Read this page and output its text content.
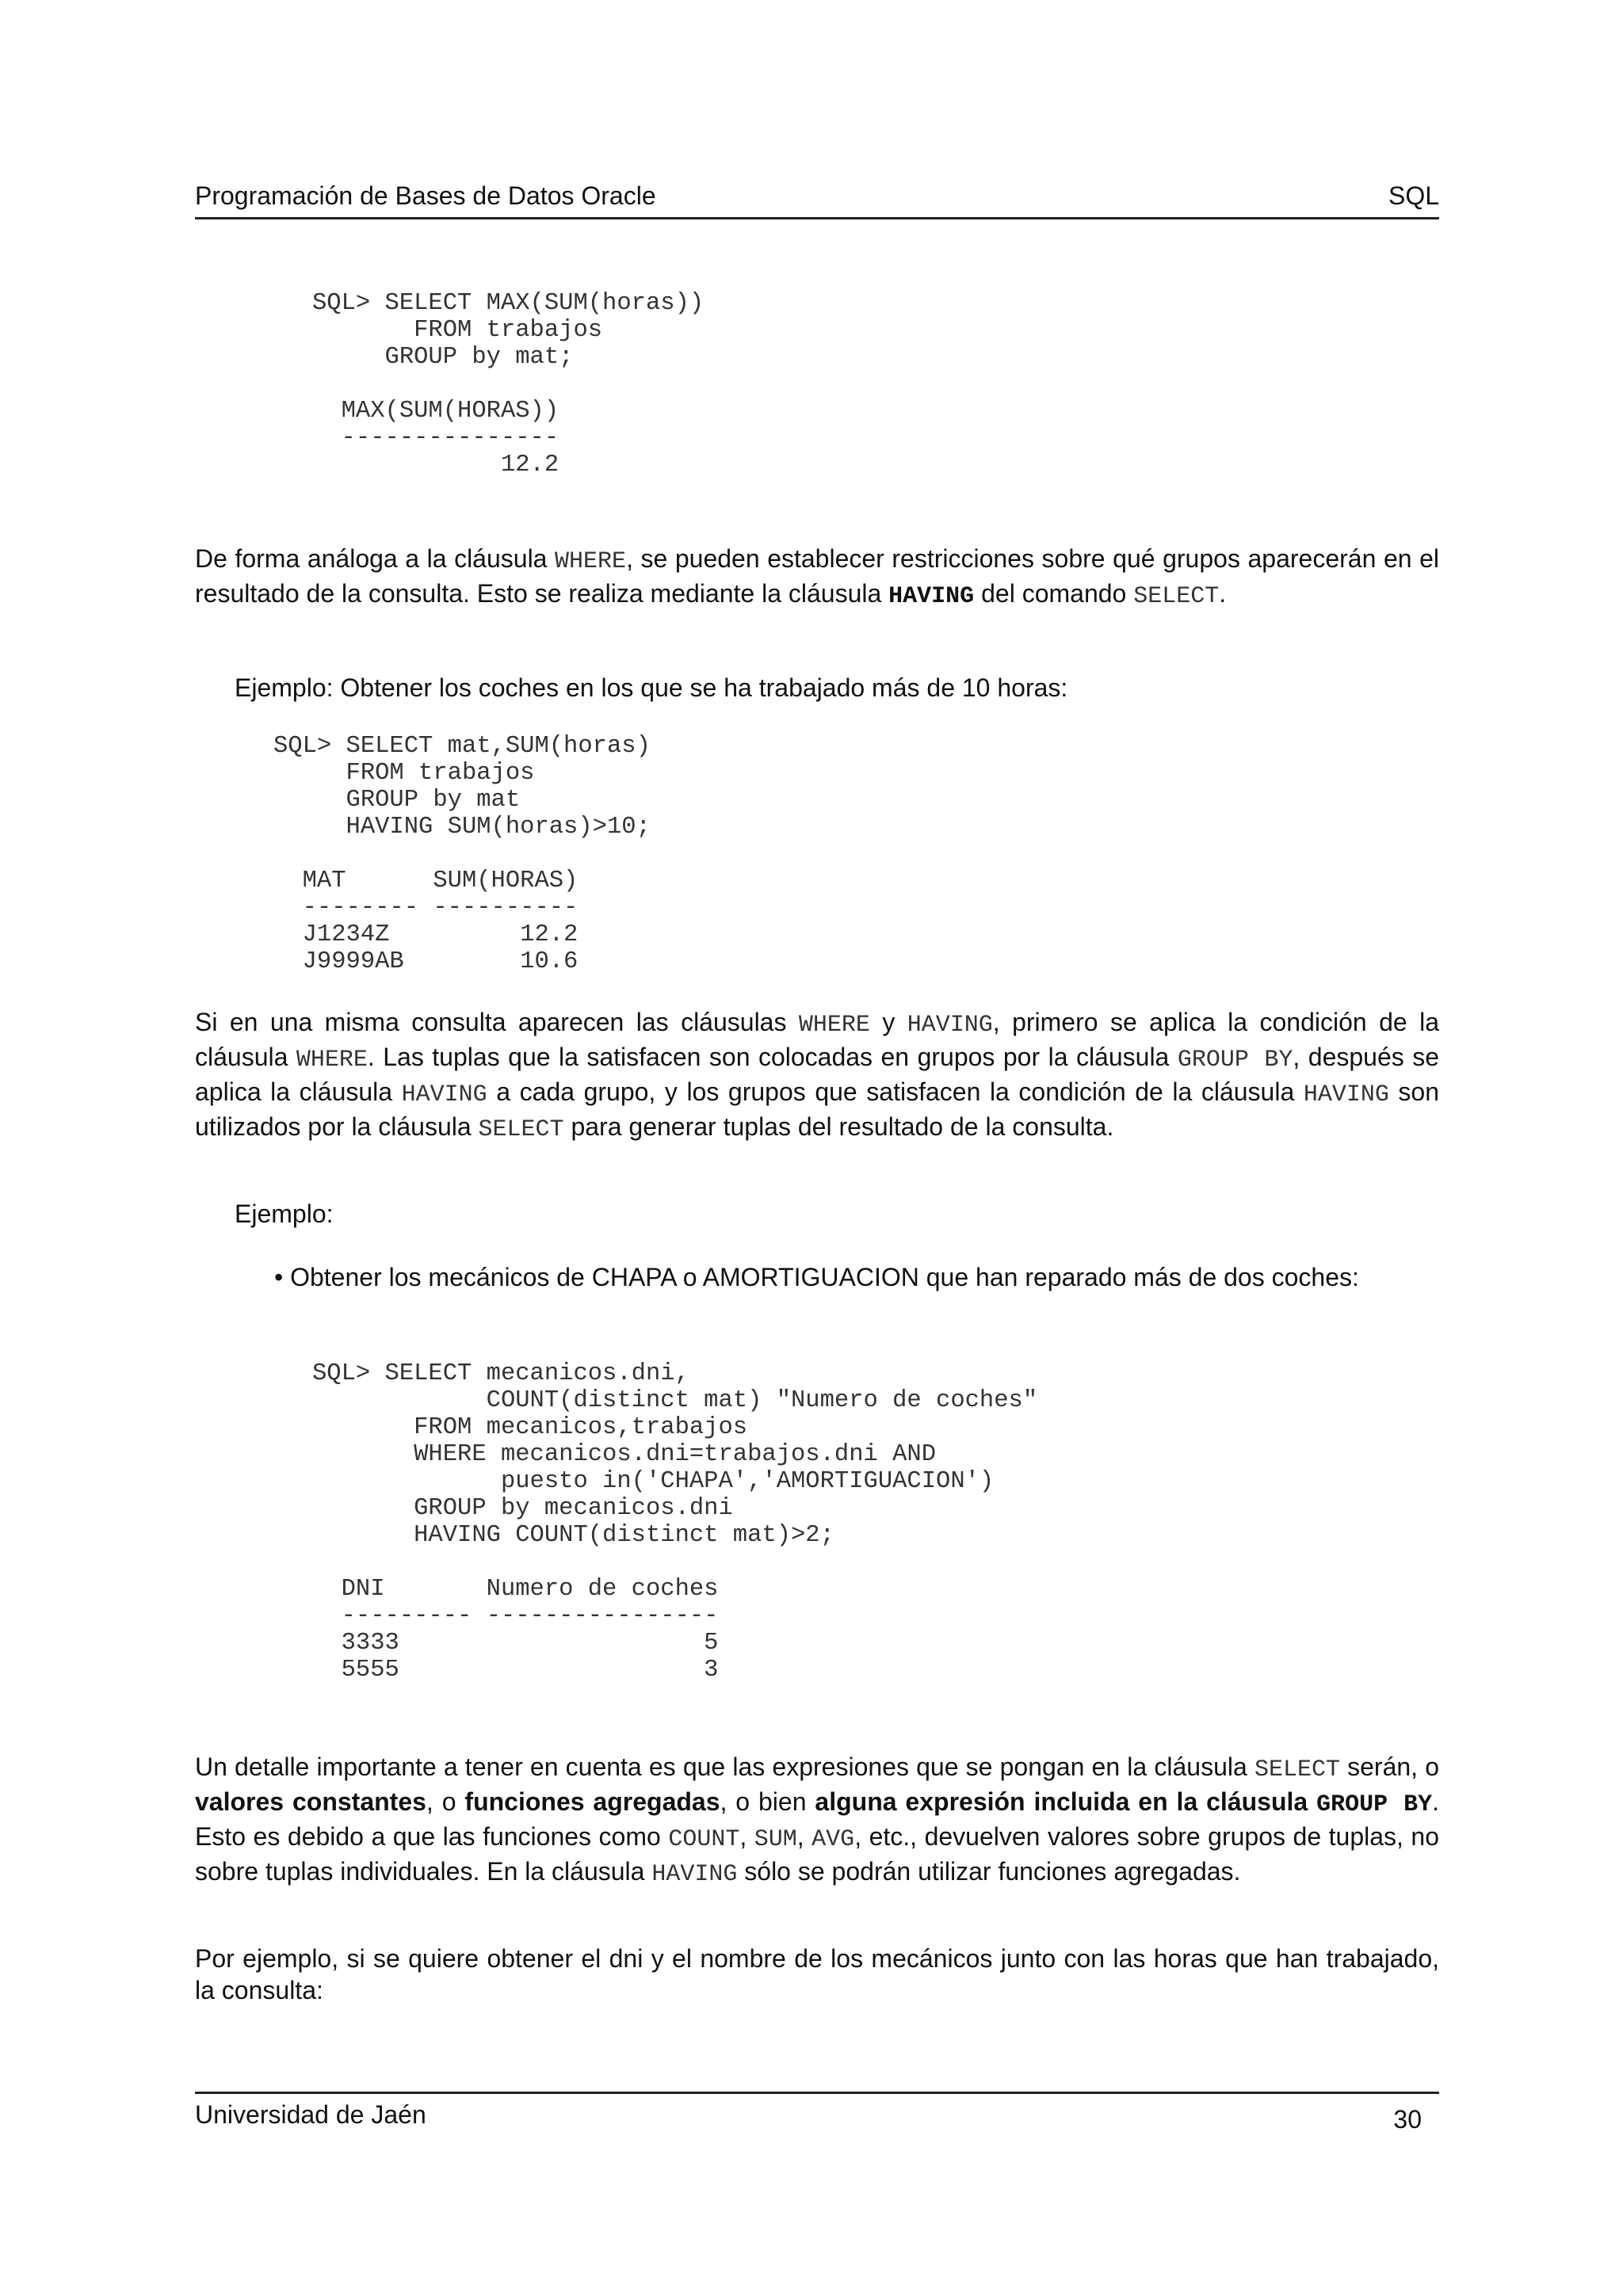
Programación de Bases de Datos Oracle	SQL
SQL> SELECT MAX(SUM(horas))
FROM trabajos
GROUP by mat;

MAX(SUM(HORAS))
---------------
12.2
De forma análoga a la cláusula WHERE, se pueden establecer restricciones sobre qué grupos aparecerán en el resultado de la consulta. Esto se realiza mediante la cláusula HAVING del comando SELECT.
Ejemplo: Obtener los coches en los que se ha trabajado más de 10 horas:
SQL> SELECT mat,SUM(horas)
FROM trabajos
GROUP by mat
HAVING SUM(horas)>10;

MAT      SUM(HORAS)
-------- ----------
J1234Z         12.2
J9999AB        10.6
Si en una misma consulta aparecen las cláusulas WHERE y HAVING, primero se aplica la condición de la cláusula WHERE. Las tuplas que la satisfacen son colocadas en grupos por la cláusula GROUP BY, después se aplica la cláusula HAVING a cada grupo, y los grupos que satisfacen la condición de la cláusula HAVING son utilizados por la cláusula SELECT para generar tuplas del resultado de la consulta.
Ejemplo:
• Obtener los mecánicos de CHAPA o AMORTIGUACION que han reparado más de dos coches:
SQL> SELECT mecanicos.dni,
COUNT(distinct mat) "Numero de coches"
FROM mecanicos,trabajos
WHERE mecanicos.dni=trabajos.dni AND
puesto in('CHAPA','AMORTIGUACION')
GROUP by mecanicos.dni
HAVING COUNT(distinct mat)>2;

DNI       Numero de coches
--------- ----------------
3333                     5
5555                     3
Un detalle importante a tener en cuenta es que las expresiones que se pongan en la cláusula SELECT serán, o valores constantes, o funciones agregadas, o bien alguna expresión incluida en la cláusula GROUP BY. Esto es debido a que las funciones como COUNT, SUM, AVG, etc., devuelven valores sobre grupos de tuplas, no sobre tuplas individuales. En la cláusula HAVING sólo se podrán utilizar funciones agregadas.
Por ejemplo, si se quiere obtener el dni y el nombre de los mecánicos junto con las horas que han trabajado, la consulta:
Universidad de Jaén	30
